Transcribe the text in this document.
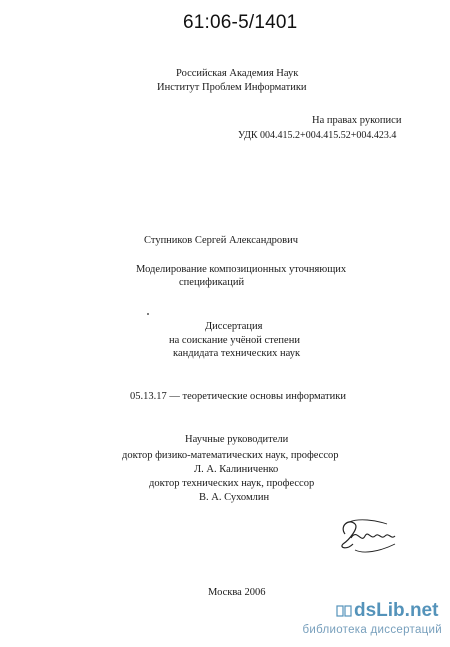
61:06-5/1401
Российская Академия Наук
Институт Проблем Информатики
На правах рукописи
УДК 004.415.2+004.415.52+004.423.4
Ступников Сергей Александрович
Моделирование композиционных уточняющих
спецификаций
Диссертация
на соискание учёной степени
кандидата технических наук
05.13.17 — теоретические основы информатики
Научные руководители
доктор физико-математических наук, профессор
Л. А. Калиниченко
доктор технических наук, профессор
В. А. Сухомлин
Москва 2006
dsLib.net
библиотека диссертаций
